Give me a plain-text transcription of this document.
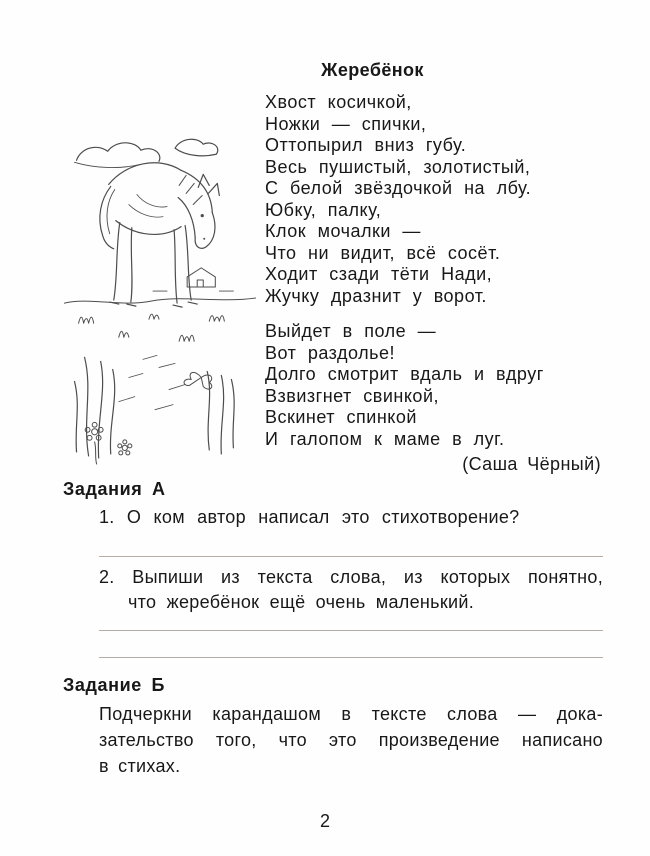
Жеребёнок
Хвост косичкой,
Ножки — спички,
Оттопырил вниз губу.
Весь пушистый, золотистый,
С белой звёздочкой на лбу.
Юбку, палку,
Клок мочалки —
Что ни видит, всё сосёт.
Ходит сзади тёти Нади,
Жучку дразнит у ворот.
Выйдет в поле —
Вот раздолье!
Долго смотрит вдаль и вдруг
Взвизгнет свинкой,
Вскинет спинкой
И галопом к маме в луг.
(Саша Чёрный)
Задания А
1. О ком автор написал это стихотворение?
2. Выпиши из текста слова, из которых понятно,
что жеребёнок ещё очень маленький.
Задание Б
Подчеркни карандашом в тексте слова — дока-
зательство того, что это произведение написано
в стихах.
2
